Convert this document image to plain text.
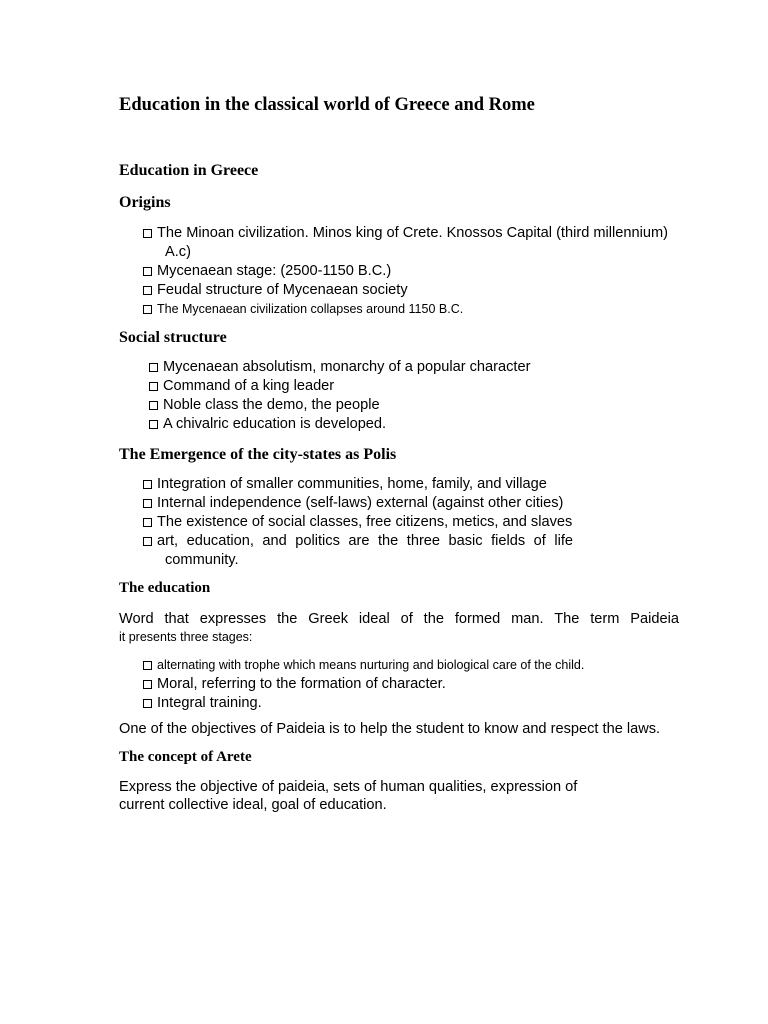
Education in the classical world of Greece and Rome
Education in Greece
Origins
The Minoan civilization. Minos king of Crete. Knossos Capital (third millennium) A.c)
Mycenaean stage: (2500-1150 B.C.)
Feudal structure of Mycenaean society
The Mycenaean civilization collapses around 1150 B.C.
Social structure
Mycenaean absolutism, monarchy of a popular character
Command of a king leader
Noble class the demo, the people
A chivalric education is developed.
The Emergence of the city-states as Polis
Integration of smaller communities, home, family, and village
Internal independence (self-laws) external (against other cities)
The existence of social classes, free citizens, metics, and slaves
art, education, and politics are the three basic fields of life
community.
The education
Word that expresses the Greek ideal of the formed man. The term Paideia
it presents three stages:
alternating with trophe which means nurturing and biological care of the child.
Moral, referring to the formation of character.
Integral training.
One of the objectives of Paideia is to help the student to know and respect the laws.
The concept of Arete
Express the objective of paideia, sets of human qualities, expression of
current collective ideal, goal of education.
